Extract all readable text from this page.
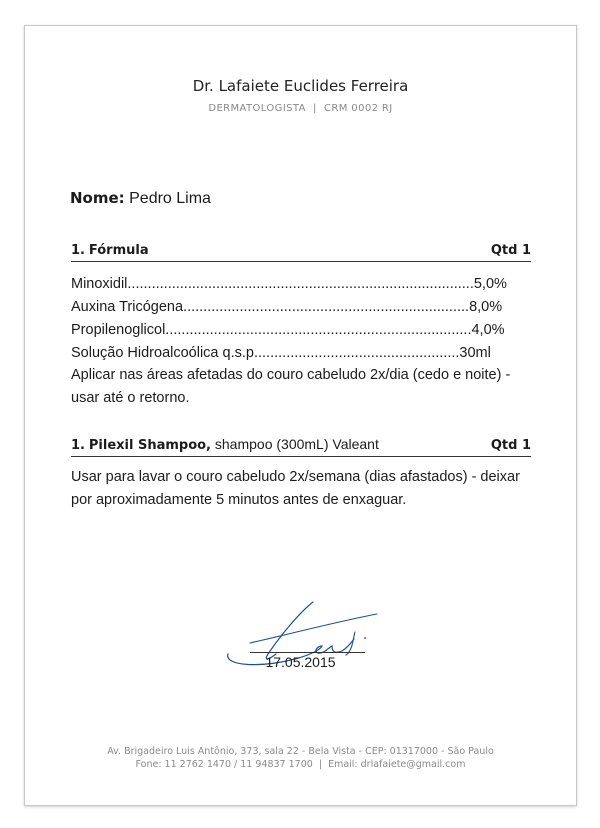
Dr. Lafaiete Euclides Ferreira
DERMATOLOGISTA  |  CRM 0002 RJ
Nome: Pedro Lima
1. Fórmula	Qtd 1
Minoxidil......................................................................................5,0%
Auxina Tricógena.......................................................................8,0%
Propilenoglicol............................................................................4,0%
Solução Hidroalcoólica q.s.p...................................................30ml
Aplicar nas áreas afetadas do couro cabeludo 2x/dia (cedo e noite) - usar até o retorno.
1. Pilexil Shampoo, shampoo (300mL) Valeant	Qtd 1
Usar para lavar o couro cabeludo 2x/semana (dias afastados) - deixar por aproximadamente 5 minutos antes de enxaguar.
17.05.2015
Av. Brigadeiro Luis Antônio, 373, sala 22 - Bela Vista - CEP: 01317000 - São Paulo
Fone: 11 2762 1470 / 11 94837 1700  |  Email: drlafaiete@gmail.com
